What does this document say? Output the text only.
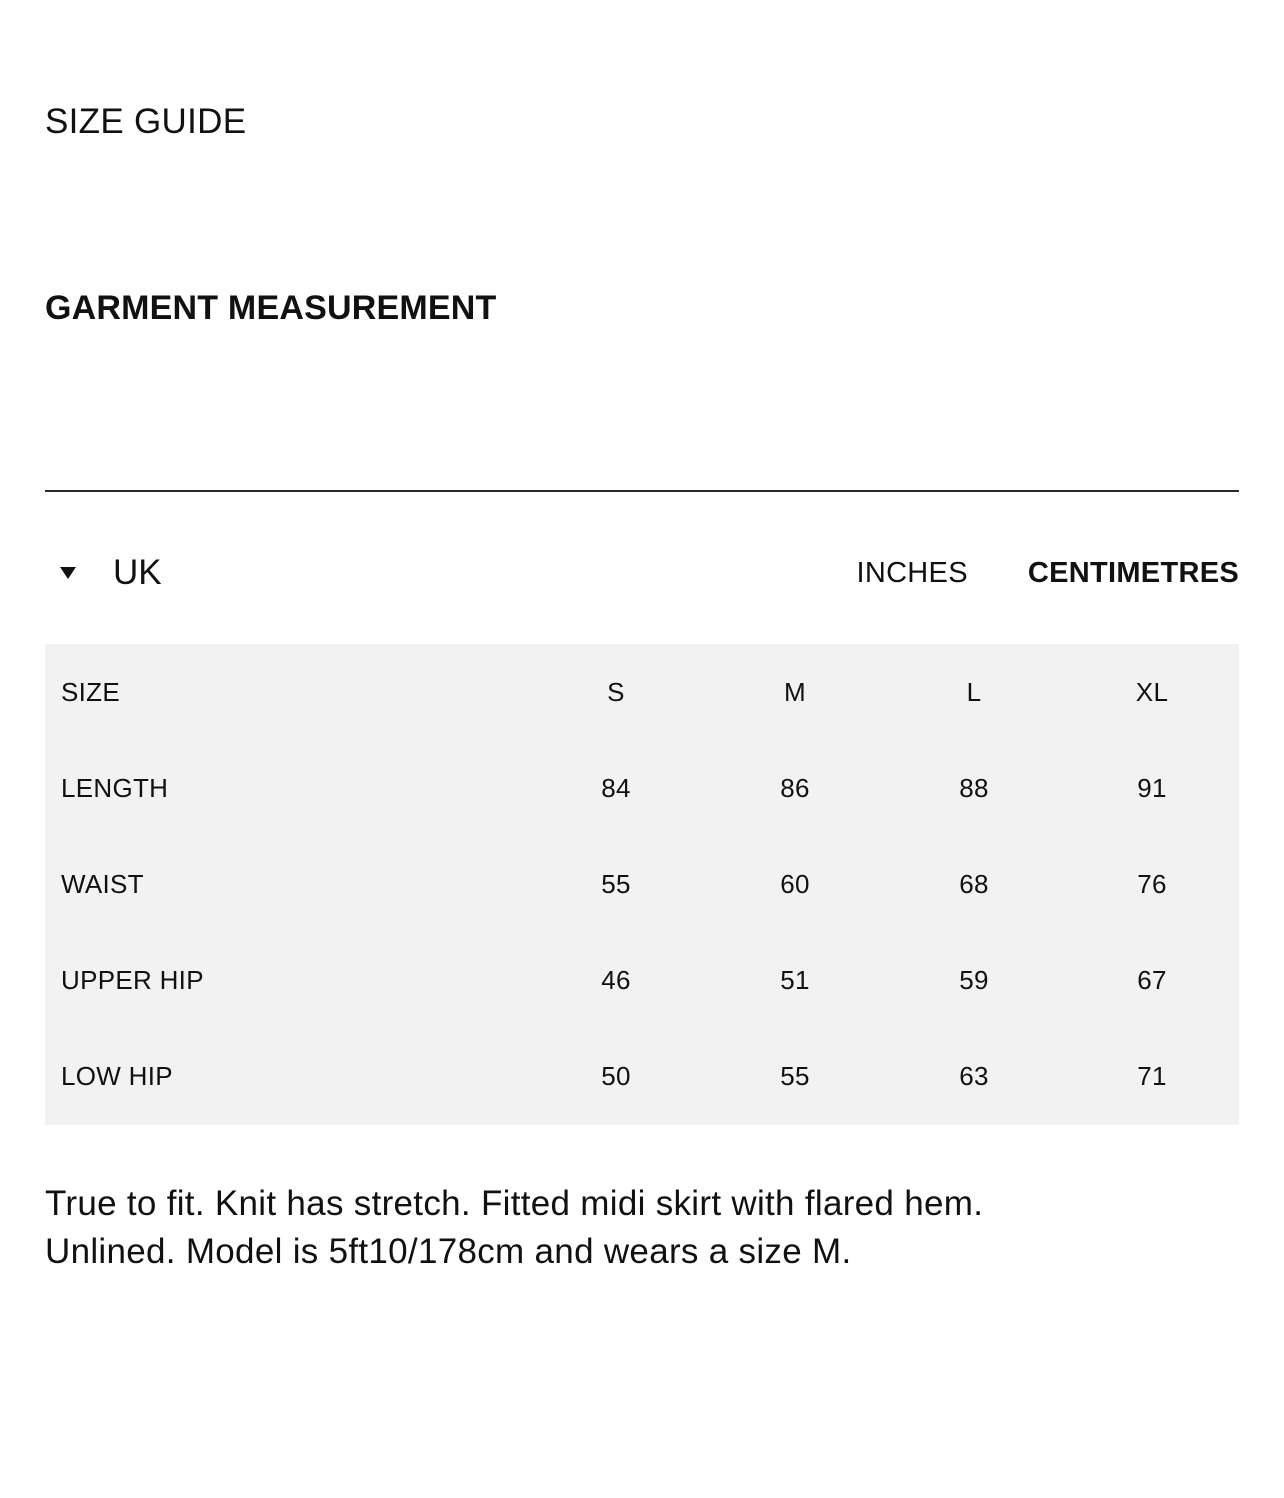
SIZE GUIDE
GARMENT MEASUREMENT
UK	INCHES CENTIMETRES
SIZE	S	M	L	XL
LENGTH	84	86	88	91
WAIST	55	60	68	76
UPPER HIP	46	51	59	67
LOW HIP	50	55	63	71

True to fit. Knit has stretch. Fitted midi skirt with flared hem.
Unlined. Model is 5ft10/178cm and wears a size M.
